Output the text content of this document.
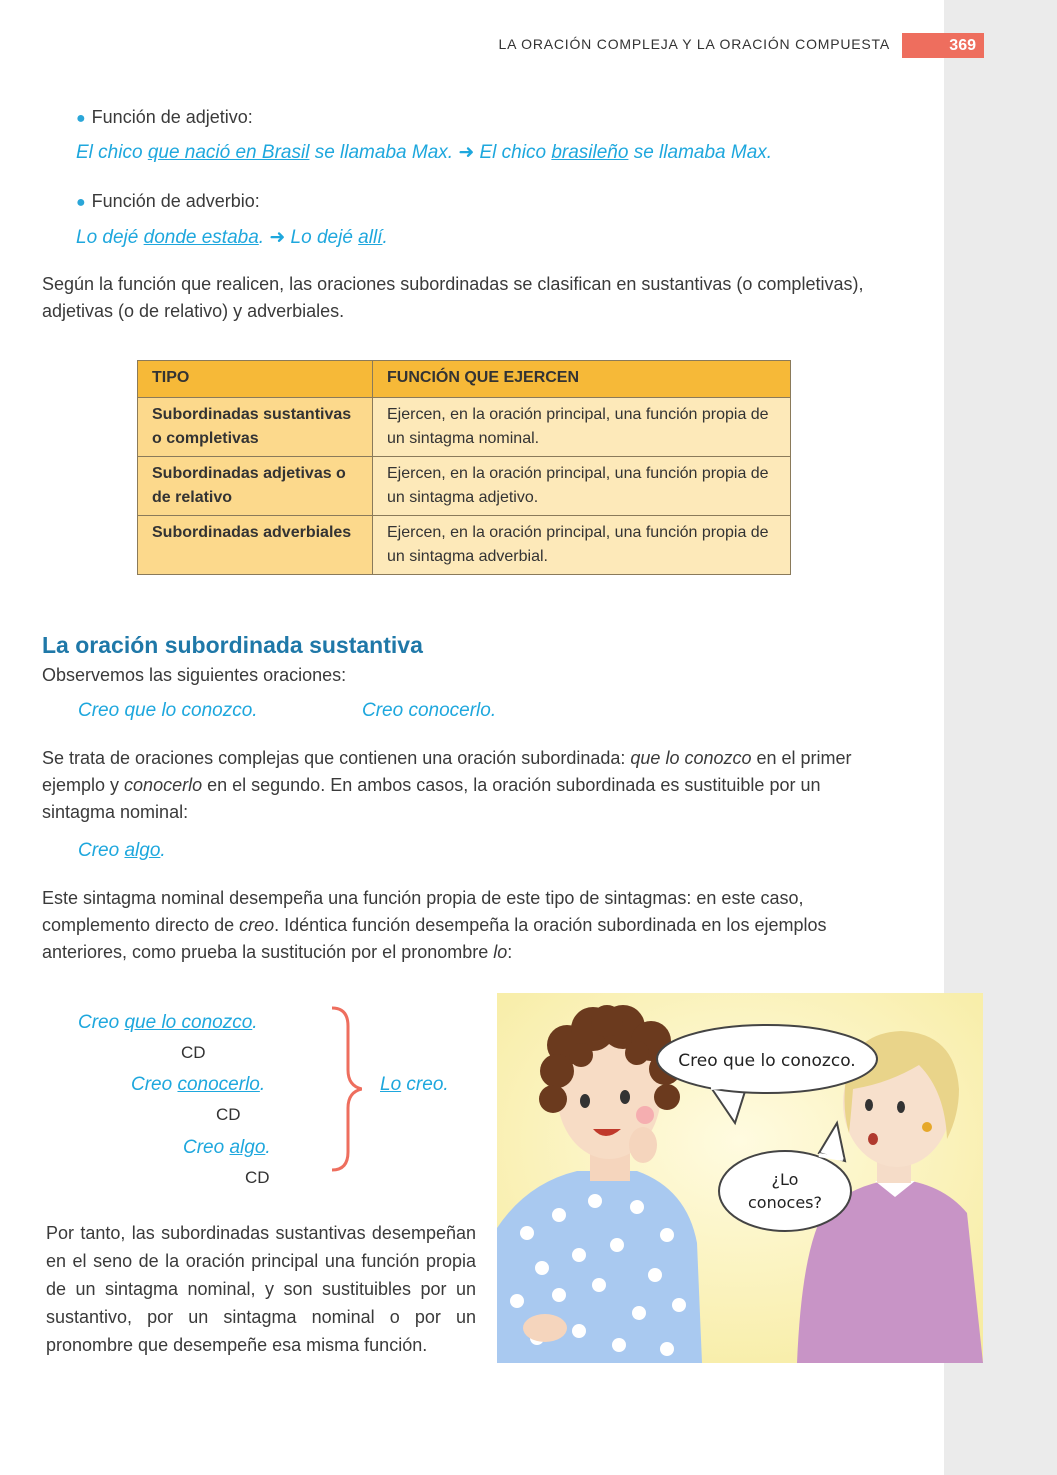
LA ORACIÓN COMPLEJA Y LA ORACIÓN COMPUESTA	369
● Función de adjetivo:
El chico que nació en Brasil se llamaba Max. ➜ El chico brasileño se llamaba Max.
● Función de adverbio:
Lo dejé donde estaba. ➜ Lo dejé allí.
Según la función que realicen, las oraciones subordinadas se clasifican en sustantivas (o completivas), adjetivas (o de relativo) y adverbiales.
TIPO	FUNCIÓN QUE EJERCEN
Subordinadas sustantivas o completivas	Ejercen, en la oración principal, una función propia de un sintagma nominal.
Subordinadas adjetivas o de relativo	Ejercen, en la oración principal, una función propia de un sintagma adjetivo.
Subordinadas adverbiales	Ejercen, en la oración principal, una función propia de un sintagma adverbial.
La oración subordinada sustantiva
Observemos las siguientes oraciones:
Creo que lo conozco.	Creo conocerlo.
Se trata de oraciones complejas que contienen una oración subordinada: que lo conozco en el primer ejemplo y conocerlo en el segundo. En ambos casos, la oración subordinada es sustituible por un sintagma nominal:
Creo algo.
Este sintagma nominal desempeña una función propia de este tipo de sintagmas: en este caso, complemento directo de creo. Idéntica función desempeña la oración subordinada en los ejemplos anteriores, como prueba la sustitución por el pronombre lo:
Creo que lo conozco.
CD
Creo conocerlo.
CD
Creo algo.
CD
Lo creo.
Creo que lo conozco.
¿Lo
conoces?
Por tanto, las subordinadas sustantivas desempeñan en el seno de la oración principal una función propia de un sintagma nominal, y son sustituibles por un sustantivo, por un sintagma nominal o por un pronombre que desempeñe esa misma función.
